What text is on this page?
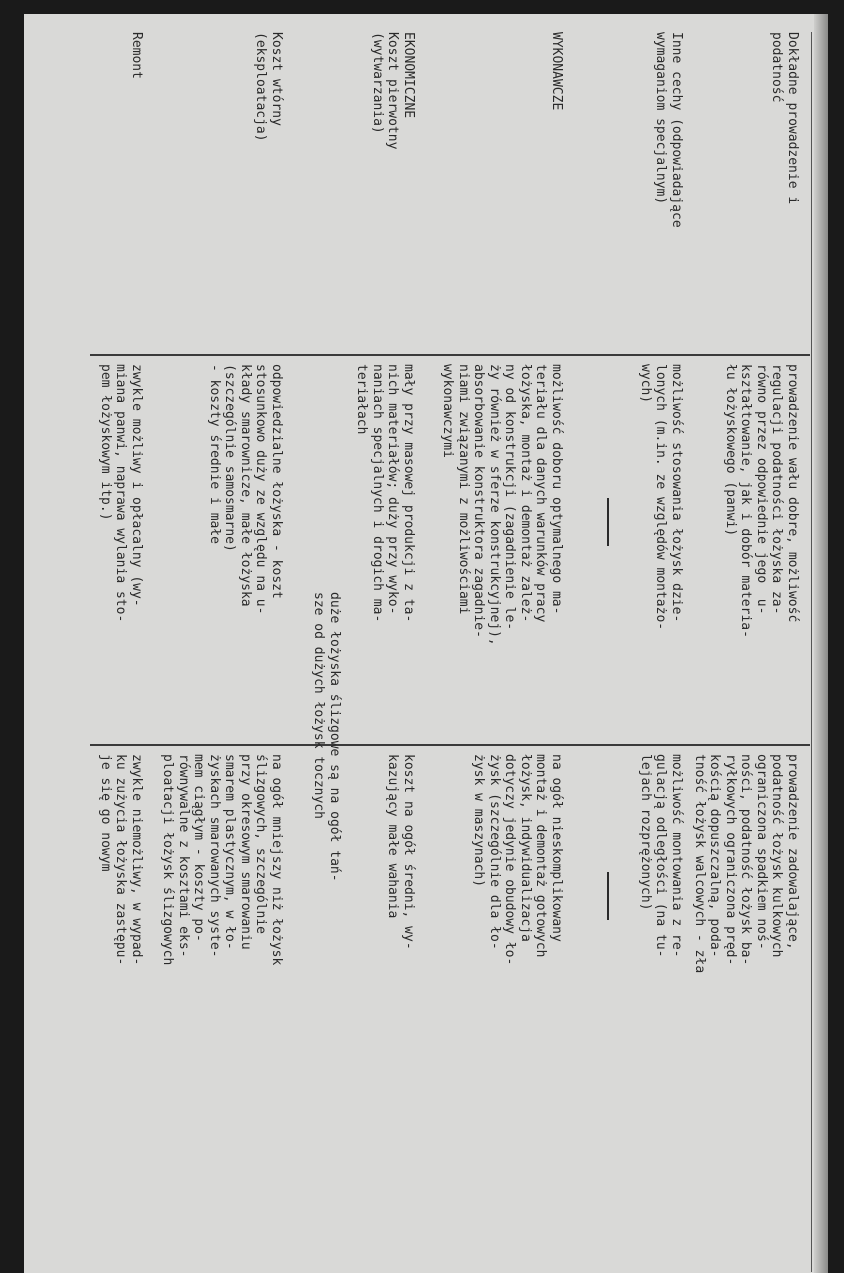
Dokładne prowadzenie i
podatność
prowadzenie wału dobre, możliwość
regulacji podatności łożyska za-
równo przez odpowiednie jego  u-
kształtowanie, jak i dobór materia-
łu łożyskowego (panwi)
prowadzenie zadowalające,
podatność łożysk kulkowych
ograniczona spadkiem noś-
ności, podatność łożysk ba-
ryłkowych ograniczona pręd-
kością dopuszczalną, poda-
tność łożysk walcowych - zła
Inne cechy (odpowiadające
wymaganiom specjalnym)
możliwość stosowania łożysk dzie-
lonych (m.in. ze względów montażo-
wych)
możliwość montowania z re-
gulacją odległości (na tu-
lejach rozprężonych)
WYKONAWCZE
możliwość doboru optymalnego ma-
teriału dla danych warunków pracy
łożyska, montaż i demontaż zależ-
ny od konstrukcji (zagadnienie le-
ży również w sferze konstrukcyjnej),
absorbowanie konstruktora zagadnie-
niami związanymi z możliwościami
wykonawczymi
na ogół nieskomplikowany
montaż i demontaż gotowych
łożysk, indywidualizacja
dotyczy jedynie obudowy ło-
żysk (szczególnie dla ło-
żysk w maszynach)
EKONOMICZNE
Koszt pierwotny
(wytwarzania)
mały przy masowej produkcji z ta-
nich materiałów; duży przy wyko-
naniach specjalnych i drogich ma-
teriałach
koszt na ogół średni, wy-
kazujący małe wahania
duże łożyska ślizgowe są na ogół tań-
sze od dużych łożysk tocznych
Koszt wtórny
(eksploatacja)
odpowiedzialne łożyska - koszt
stosunkowo duży ze względu na u-
kłady smarownicze, małe łożyska
(szczególnie samosmarne)
- koszty średnie i małe
na ogół mniejszy niż łożysk
ślizgowych, szczególnie
przy okresowym smarowaniu
smarem plastycznym, w ło-
żyskach smarowanych syste-
mem ciągłym - koszty po-
równywalne z kosztami eks-
ploatacji łożysk ślizgowych
Remont
zwykle możliwy i opłacalny (wy-
miana panwi, naprawa wylania sto-
pem łożyskowym itp.)
zwykle niemożliwy, w wypad-
ku zużycia łożyska zastępu-
je się go nowym
